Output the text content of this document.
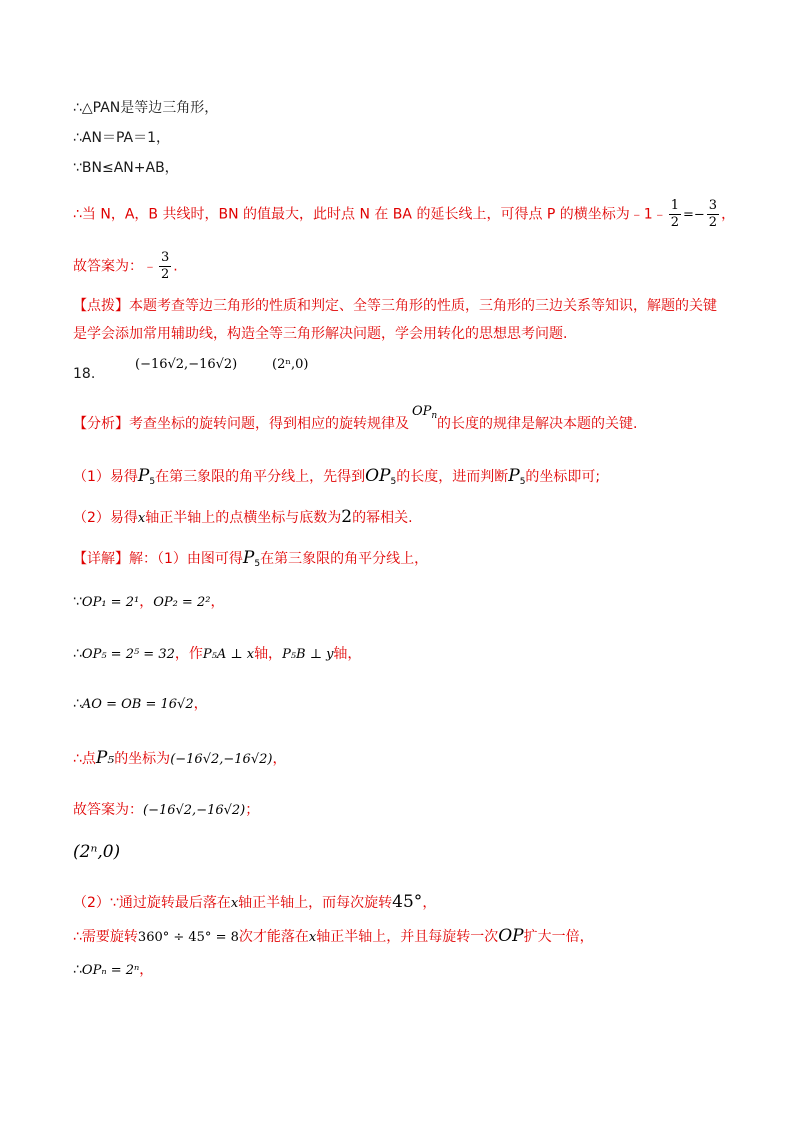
∴△PAN是等边三角形，
∴AN＝PA＝1，
∵BN≤AN+AB，
∴当 N，A，B 共线时，BN 的值最大，此时点 N 在 BA 的延长线上，可得点 P 的横坐标为﹣1﹣ $\frac{1}{2} =- \frac{3}{2}$ ，
故答案为：﹣ $\frac{3}{2}$ .
【点拨】本题考查等边三角形的性质和判定、全等三角形的性质，三角形的三边关系等知识，解题的关键
是学会添加常用辅助线，构造全等三角形解决问题，学会用转化的思想思考问题.
18.
(−16√2,−16√2)	(2ⁿ,0)
【分析】考查坐标的旋转问题，得到相应的旋转规律及
$OP_n$ 的长度的规律是解决本题的关键.
（1）易得$P_5$在第三象限的角平分线上，先得到$OP_5$的长度，进而判断$P_5$的坐标即可;
（2）易得x轴正半轴上的点横坐标与底数为2的幂相关.
【详解】解：（1）由图可得$P_5$在第三象限的角平分线上，
∵OP₁ = 2¹，OP₂ = 2²，
∴OP₅ = 2⁵ = 32，作P₅A ⊥ x轴，P₅B ⊥ y轴，
∴AO = OB = 16√2，
∴点P₅的坐标为(−16√2,−16√2)，
故答案为：(−16√2,−16√2)；
(2ⁿ,0)
（2）∵通过旋转最后落在x轴正半轴上，而每次旋转45°，
∴需要旋转360° ÷ 45° = 8次才能落在x轴正半轴上，并且每旋转一次OP扩大一倍，
∴OPₙ = 2ⁿ，
